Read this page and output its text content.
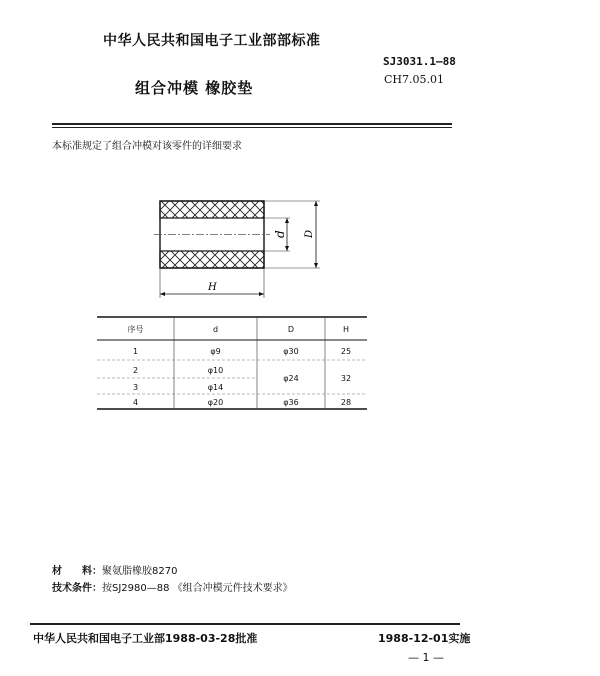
中华人民共和国电子工业部部标准
SJ3031.1—88
组合冲模 橡胶垫	CH7.05.01
本标准规定了组合冲模对该零件的详细要求
d D
H
序号	d	D	H
1	φ9	φ30	25
2	φ10	φ24	32
3	φ14		
4	φ20	φ36	28
材　　料：聚氨脂橡胶8270
技术条件：按SJ2980—88 《组合冲模元件技术要求》
中华人民共和国电子工业部1988-03-28批准	1988-12-01实施
— 1 —
